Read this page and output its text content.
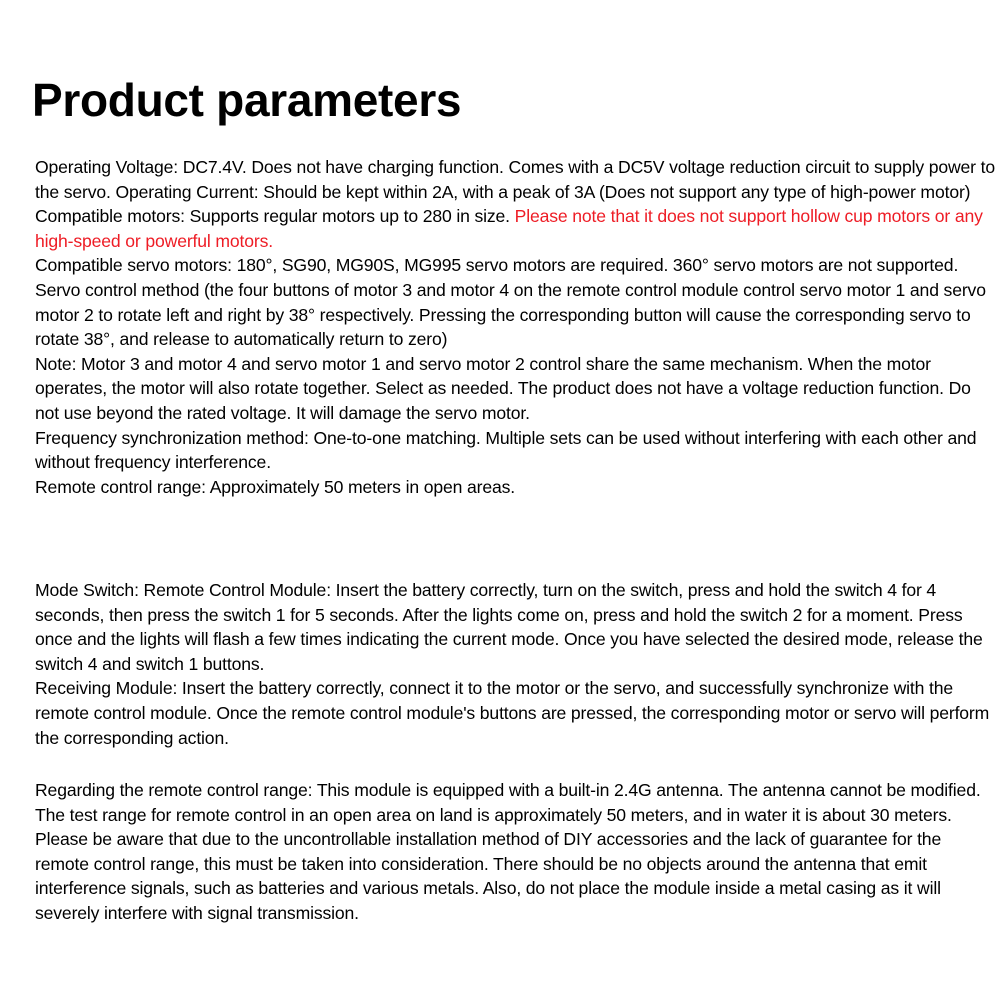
Product parameters

Operating Voltage: DC7.4V. Does not have charging function. Comes with a DC5V voltage reduction circuit to supply power to the servo. Operating Current: Should be kept within 2A, with a peak of 3A (Does not support any type of high-power motor)

Compatible motors: Supports regular motors up to 280 in size. Please note that it does not support hollow cup motors or any high-speed or powerful motors.

Compatible servo motors: 180°, SG90, MG90S, MG995 servo motors are required. 360° servo motors are not supported. Servo control method (the four buttons of motor 3 and motor 4 on the remote control module control servo motor 1 and servo motor 2 to rotate left and right by 38° respectively. Pressing the corresponding button will cause the corresponding servo to rotate 38°, and release to automatically return to zero)

Note: Motor 3 and motor 4 and servo motor 1 and servo motor 2 control share the same mechanism. When the motor operates, the motor will also rotate together. Select as needed. The product does not have a voltage reduction function. Do not use beyond the rated voltage. It will damage the servo motor.

Frequency synchronization method: One-to-one matching. Multiple sets can be used without interfering with each other and without frequency interference.

Remote control range: Approximately 50 meters in open areas.

Mode Switch: Remote Control Module: Insert the battery correctly, turn on the switch, press and hold the switch 4 for 4 seconds, then press the switch 1 for 5 seconds. After the lights come on, press and hold the switch 2 for a moment. Press once and the lights will flash a few times indicating the current mode. Once you have selected the desired mode, release the switch 4 and switch 1 buttons.

Receiving Module: Insert the battery correctly, connect it to the motor or the servo, and successfully synchronize with the remote control module. Once the remote control module's buttons are pressed, the corresponding motor or servo will perform the corresponding action.

Regarding the remote control range: This module is equipped with a built-in 2.4G antenna. The antenna cannot be modified. The test range for remote control in an open area on land is approximately 50 meters, and in water it is about 30 meters. Please be aware that due to the uncontrollable installation method of DIY accessories and the lack of guarantee for the remote control range, this must be taken into consideration. There should be no objects around the antenna that emit interference signals, such as batteries and various metals. Also, do not place the module inside a metal casing as it will severely interfere with signal transmission.
